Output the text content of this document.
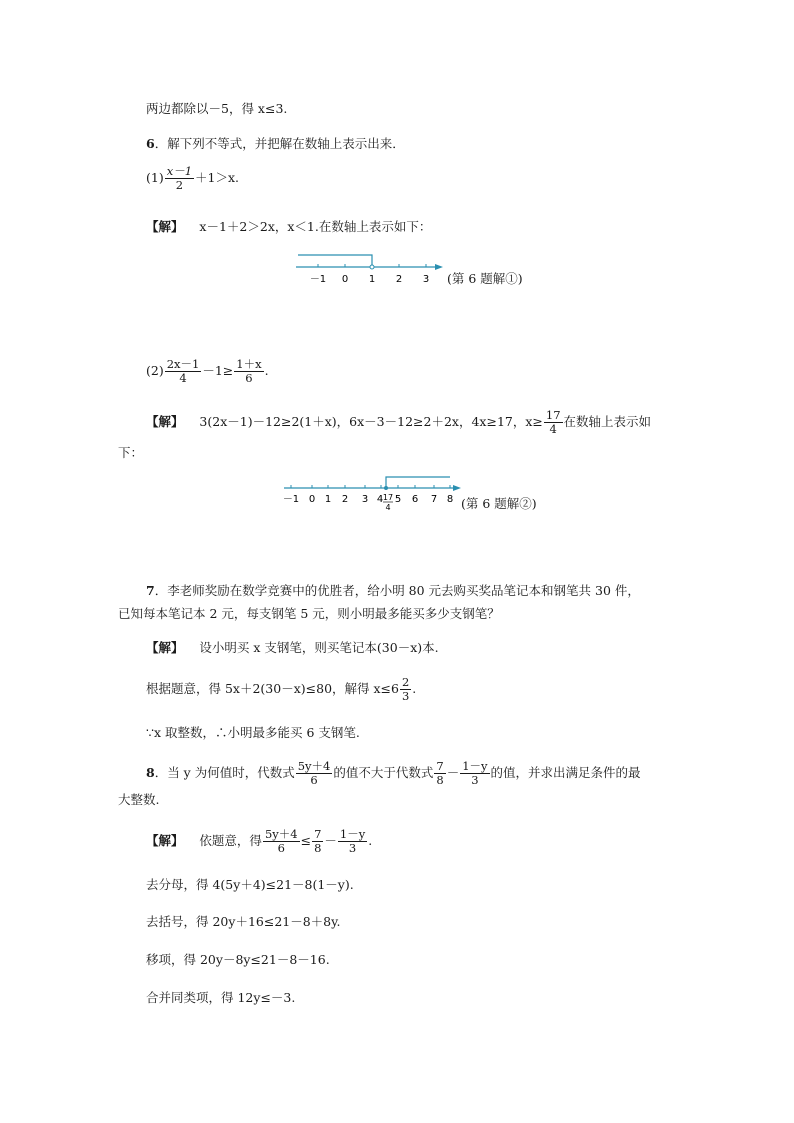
两边都除以－5，得 x≤3.
6．解下列不等式，并把解在数轴上表示出来．
$(1) \frac{x-1}{2} +1>x$.
【解】 x－1＋2＞2x，x＜1.在数轴上表示如下：
－1 0 1 2 3 (第 6 题解①)
$(2) \frac{2x-1}{4} -1\ge \frac{1+x}{6}$ .
【解】 3(2x－1)－12≥2(1＋x)，6x－3－12≥2＋2x，4x≥17，$x\ge \frac{17}{4}$ 在数轴上表示如
下：
－1 0 1 2 3 4 5 6 7 8
17
4	(第 6 题解②)
7．李老师奖励在数学竞赛中的优胜者，给小明 80 元去购买奖品笔记本和钢笔共 30 件，
已知每本笔记本 2 元，每支钢笔 5 元，则小明最多能买多少支钢笔？
【解】 设小明买 x 支钢笔，则买笔记本(30－x)本.
根据题意，得 5x＋2(30－x)≤80，解得 $x\le 6 \frac{2}{3}$ .
∵x 取整数，∴小明最多能买 6 支钢笔.
8．当 y 为何值时，代数式 $\frac{5y+4}{6}$ 的值不大于代数式 $\frac{7}{8} - \frac{1-y}{3}$ 的值，并求出满足条件的最
大整数.
【解】 依题意，得 $\frac{5y+4}{6} \le \frac{7}{8} - \frac{1-y}{3}$ .
去分母，得 4(5y＋4)≤21－8(1－y).
去括号，得 20y＋16≤21－8＋8y.
移项，得 20y－8y≤21－8－16.
合并同类项，得 12y≤－3.
